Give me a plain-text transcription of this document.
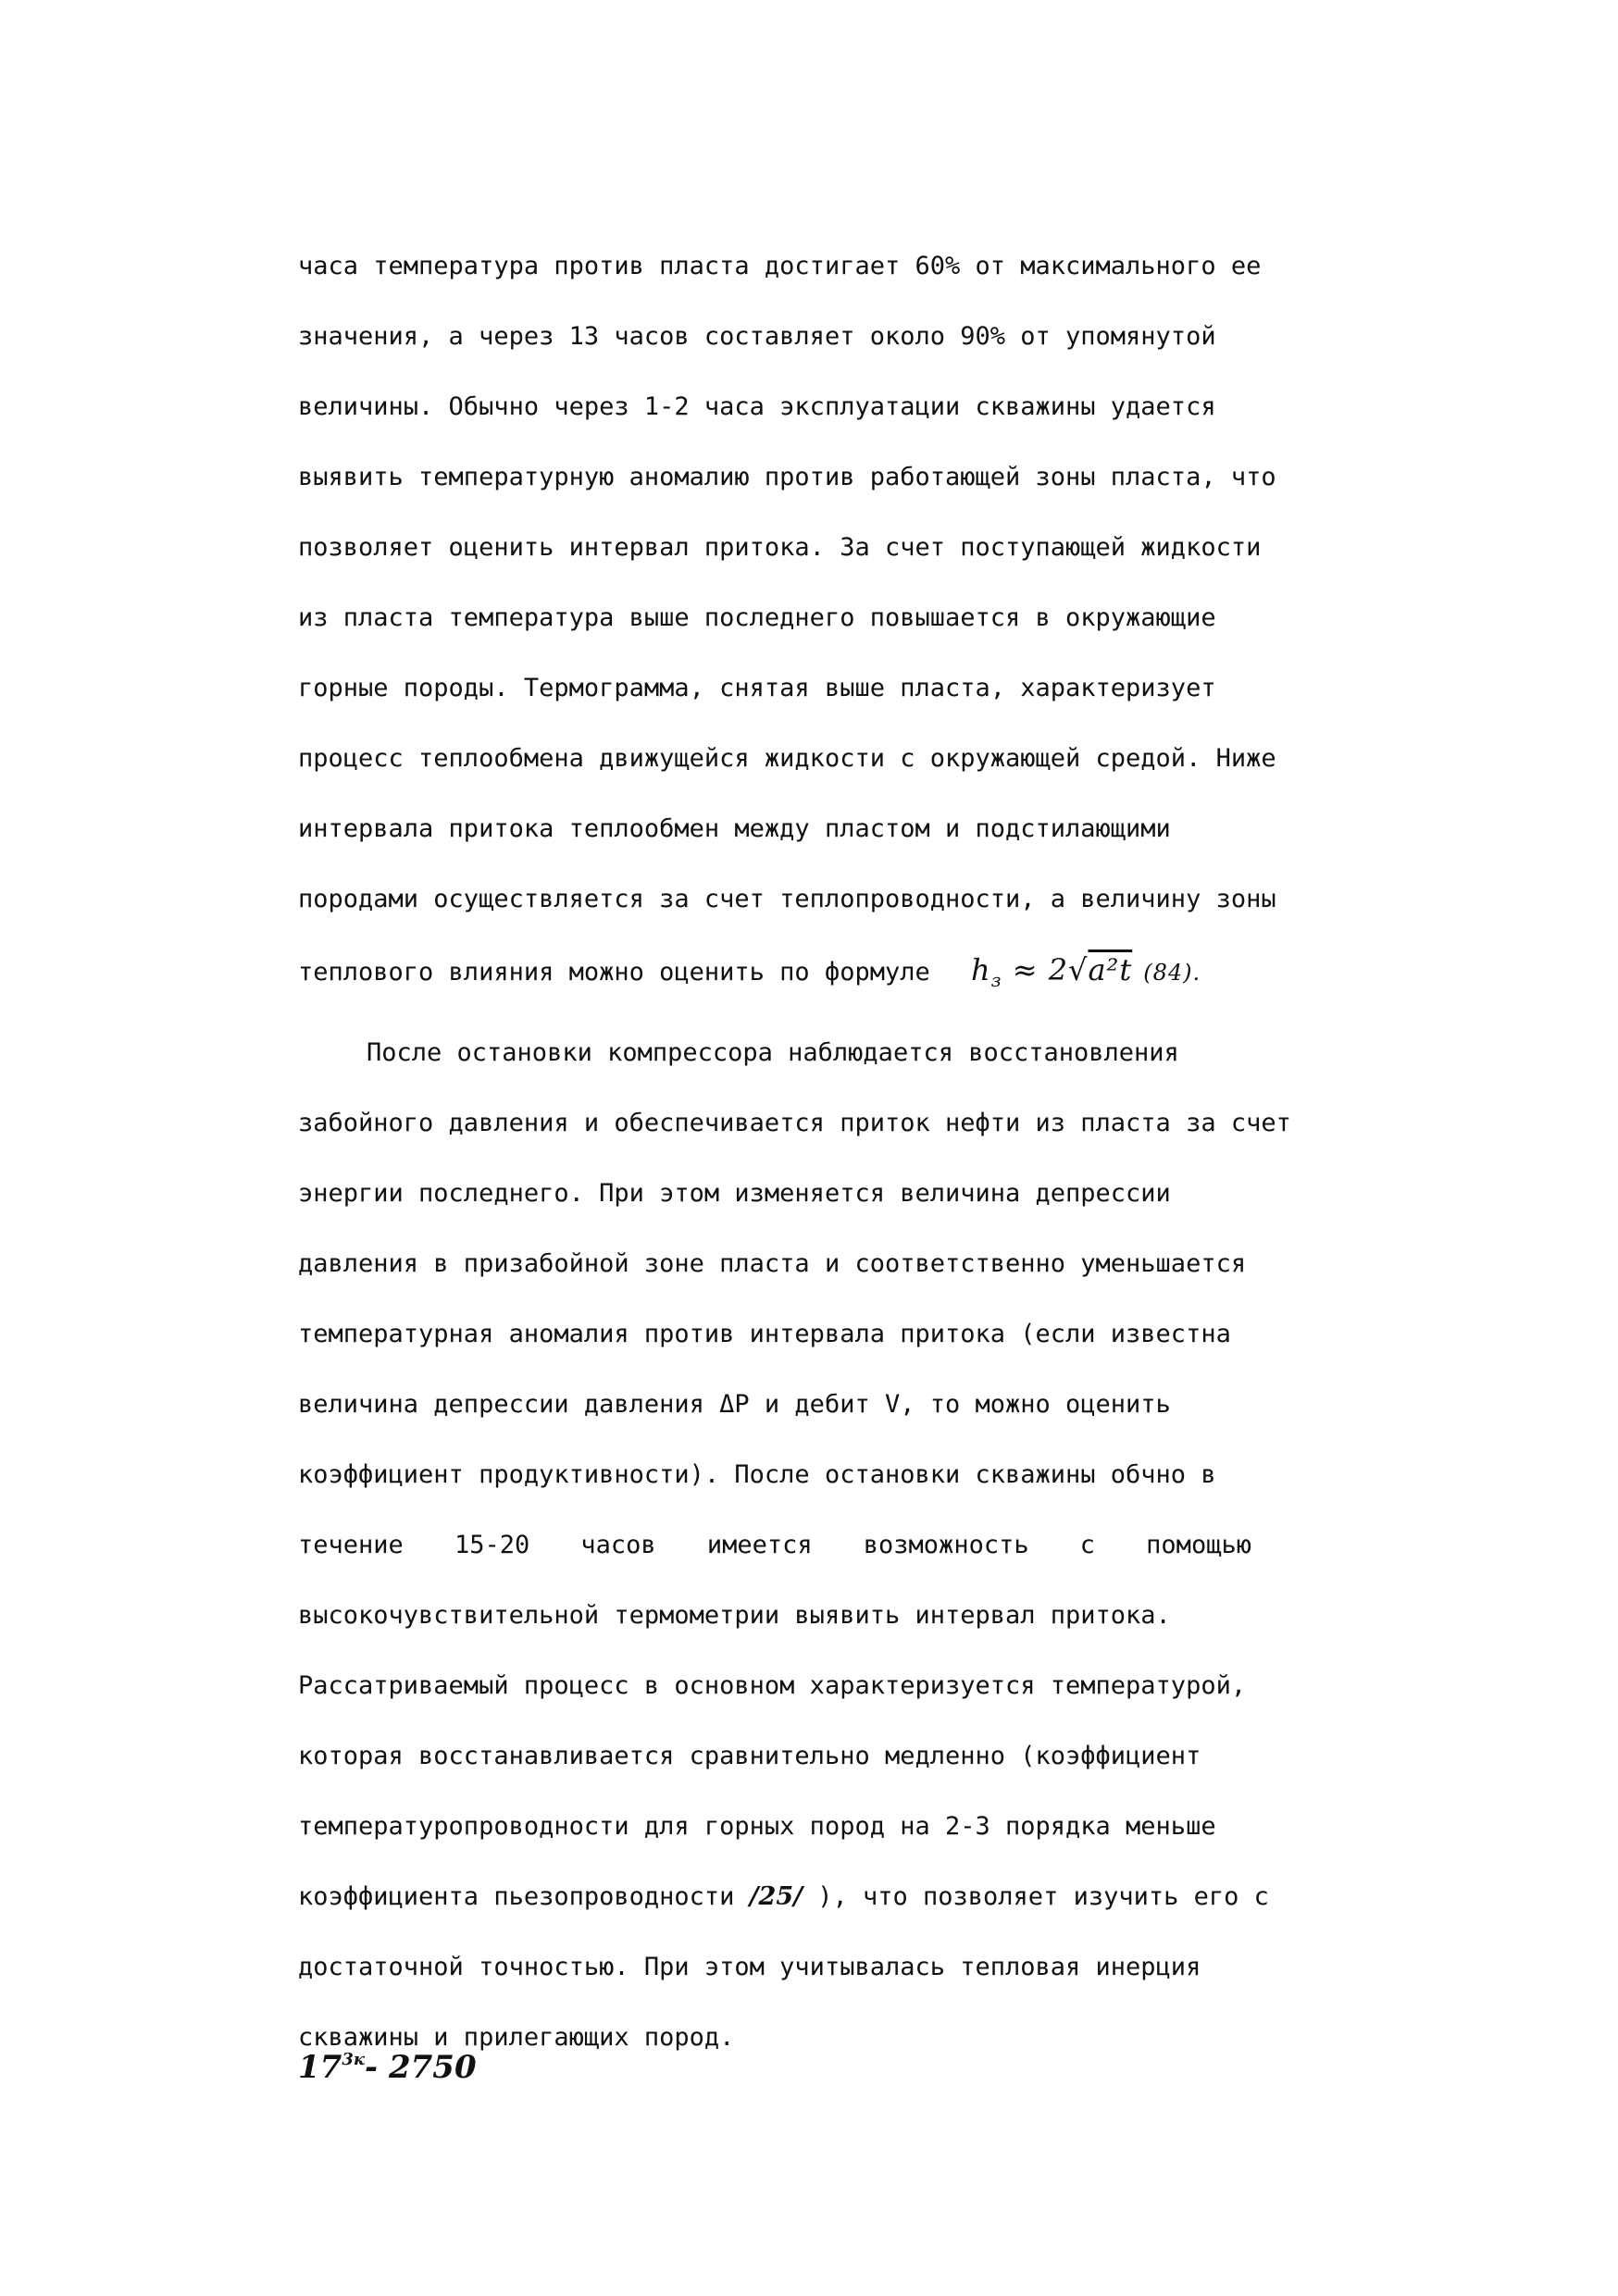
часа температура против пласта достигает 60% от максимального ее
значения, а через 13 часов составляет около 90% от упомянутой
величины. Обычно через 1-2 часа эксплуатации скважины удается
выявить температурную аномалию против работающей зоны пласта, что
позволяет оценить интервал притока. За счет поступающей жидкости
из пласта температура выше последнего повышается в окружающие
горные породы. Термограмма, снятая выше пласта, характеризует
процесс теплообмена движущейся жидкости с окружающей средой. Ниже
интервала притока теплообмен между пластом и подстилающими
породами осуществляется за счет теплопроводности, а величину зоны
теплового влияния можно оценить по формуле $h_з \approx 2√a^2t$ (84).
После остановки компрессора наблюдается восстановления
забойного давления и обеспечивается приток нефти из пласта за счет
энергии последнего. При этом изменяется величина депрессии
давления в призабойной зоне пласта и соответственно уменьшается
температурная аномалия против интервала притока (если известна
величина депрессии давления ΔP и дебит V, то можно оценить
коэффициент продуктивности). После остановки скважины обчно в
течение 15-20 часов имеется возможность с помощью
высокочувствительной термометрии выявить интервал притока.
Рассатриваемый процесс в основном характеризуется температурой,
которая восстанавливается сравнительно медленно (коэффициент
температуропроводности для горных пород на 2-3 порядка меньше
коэффициента пьезопроводности /25/ ), что позволяет изучить его с
достаточной точностью. При этом учитывалась тепловая инерция
скважины и прилегающих пород.
$17^{3к}-$ 2750
